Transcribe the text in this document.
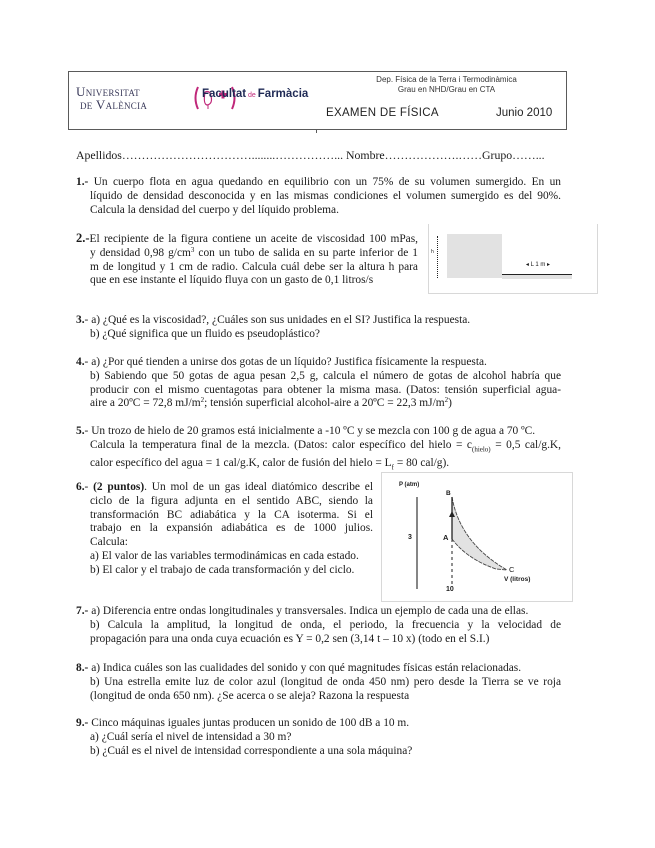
Universitat
de València
Facultat de Farmàcia
Dep. Física de la Terra i Termodinàmica
Grau en NHD/Grau en CTA
EXAMEN DE FÍSICA	Junio 2010
Apellidos……………………………........……………... Nombre……………….……Grupo……...
1.- Un cuerpo flota en agua quedando en equilibrio con un 75% de su volumen sumergido. En un
líquido de densidad desconocida y en las mismas condiciones el volumen sumergido es del 90%.
Calcula la densidad del cuerpo y del líquido problema.
2.-El recipiente de la figura contiene un aceite de viscosidad 100 mPas,
y densidad 0,98 $g/cm^3$ con un tubo de salida en su parte inferior de 1
m de longitud y 1 cm de radio. Calcula cuál debe ser la altura h para
que en ese instante el líquido fluya con un gasto de 0,1 litros/s
h
◂ L 1 m ▸
3.- a) ¿Qué es la viscosidad?, ¿Cuáles son sus unidades en el SI? Justifica la respuesta.
b) ¿Qué significa que un fluido es pseudoplástico?
4.- a) ¿Por qué tienden a unirse dos gotas de un líquido? Justifica físicamente la respuesta.
b) Sabiendo que 50 gotas de agua pesan 2,5 g, calcula el número de gotas de alcohol habría que
producir con el mismo cuentagotas para obtener la misma masa. (Datos: tensión superficial agua-
aire a 20ºC = 72,8 $mJ/m^2$; tensión superficial alcohol-aire a 20ºC = 22,3 $mJ/m^2$)
5.- Un trozo de hielo de 20 gramos está inicialmente a -10 ºC y se mezcla con 100 g de agua a 70 ºC.
Calcula la temperatura final de la mezcla. (Datos: calor específico del hielo = $c_{(hielo)} = 0,5$ cal/g.K,
calor específico del agua = 1 cal/g.K, calor de fusión del hielo = $L_f = 80$ cal/g).
6.- (2 puntos). Un mol de un gas ideal diatómico describe el
ciclo de la figura adjunta en el sentido ABC, siendo la
transformación BC adiabática y la CA isoterma. Si el
trabajo en la expansión adiabática es de 1000 julios.
Calcula:
a) El valor de las variables termodinámicas en cada estado.
b) El calor y el trabajo de cada transformación y del ciclo.
P (atm)
V (litros)
3
10
A
B
C
7.- a) Diferencia entre ondas longitudinales y transversales. Indica un ejemplo de cada una de ellas.
b) Calcula la amplitud, la longitud de onda, el periodo, la frecuencia y la velocidad de
propagación para una onda cuya ecuación es Y = 0,2 sen (3,14 t – 10 x) (todo en el S.I.)
8.- a) Indica cuáles son las cualidades del sonido y con qué magnitudes físicas están relacionadas.
b) Una estrella emite luz de color azul (longitud de onda 450 nm) pero desde la Tierra se ve roja
(longitud de onda 650 nm). ¿Se acerca o se aleja? Razona la respuesta
9.- Cinco máquinas iguales juntas producen un sonido de 100 dB a 10 m.
a) ¿Cuál sería el nivel de intensidad a 30 m?
b) ¿Cuál es el nivel de intensidad correspondiente a una sola máquina?
